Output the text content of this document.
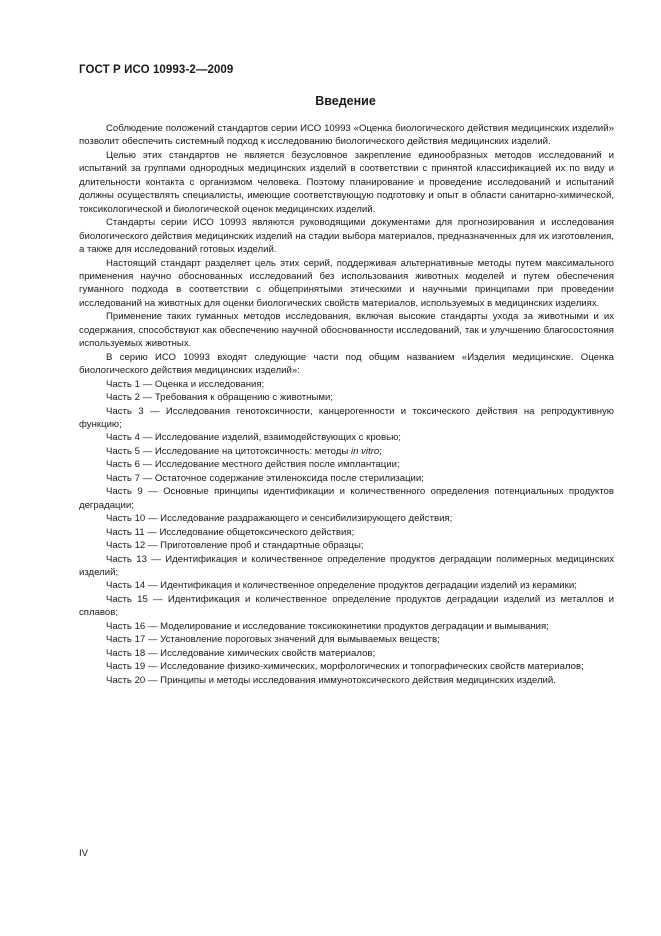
ГОСТ Р ИСО 10993-2—2009
Введение

Соблюдение положений стандартов серии ИСО 10993 «Оценка биологического действия медицинских изделий» позволит обеспечить системный подход к исследованию биологического действия медицинских изделий.

Целью этих стандартов не является безусловное закрепление единообразных методов исследований и испытаний за группами однородных медицинских изделий в соответствии с принятой классификацией их по виду и длительности контакта с организмом человека. Поэтому планирование и проведение исследований и испытаний должны осуществлять специалисты, имеющие соответствующую подготовку и опыт в области санитарно-химической, токсикологической и биологической оценок медицинских изделий.

Стандарты серии ИСО 10993 являются руководящими документами для прогнозирования и исследования биологического действия медицинских изделий на стадии выбора материалов, предназначенных для их изготовления, а также для исследований готовых изделий.

Настоящий стандарт разделяет цель этих серий, поддерживая альтернативные методы путем максимального применения научно обоснованных исследований без использования животных моделей и путем обеспечения гуманного подхода в соответствии с общепринятыми этическими и научными принципами при проведении исследований на животных для оценки биологических свойств материалов, используемых в медицинских изделиях.

Применение таких гуманных методов исследования, включая высокие стандарты ухода за животными и их содержания, способствуют как обеспечению научной обоснованности исследований, так и улучшению благосостояния используемых животных.

В серию ИСО 10993 входят следующие части под общим названием «Изделия медицинские. Оценка биологического действия медицинских изделий»:

Часть 1 — Оценка и исследования;

Часть 2 — Требования к обращению с животными;

Часть 3 — Исследования генотоксичности, канцерогенности и токсического действия на репродуктивную функцию;

Часть 4 — Исследование изделий, взаимодействующих с кровью;

Часть 5 — Исследование на цитотоксичность: методы in vitro;

Часть 6 — Исследование местного действия после имплантации;

Часть 7 — Остаточное содержание этиленоксида после стерилизации;

Часть 9 — Основные принципы идентификации и количественного определения потенциальных продуктов деградации;

Часть 10 — Исследование раздражающего и сенсибилизирующего действия;

Часть 11 — Исследование общетоксического действия;

Часть 12 — Приготовление проб и стандартные образцы;

Часть 13 — Идентификация и количественное определение продуктов деградации полимерных медицинских изделий;

Часть 14 — Идентификация и количественное определение продуктов деградации изделий из керамики;

Часть 15 — Идентификация и количественное определение продуктов деградации изделий из металлов и сплавов;

Часть 16 — Моделирование и исследование токсикокинетики продуктов деградации и вымывания;

Часть 17 — Установление пороговых значений для вымываемых веществ;

Часть 18 — Исследование химических свойств материалов;

Часть 19 — Исследование физико-химических, морфологических и топографических свойств материалов;

Часть 20 — Принципы и методы исследования иммунотоксического действия медицинских изделий.

IV
